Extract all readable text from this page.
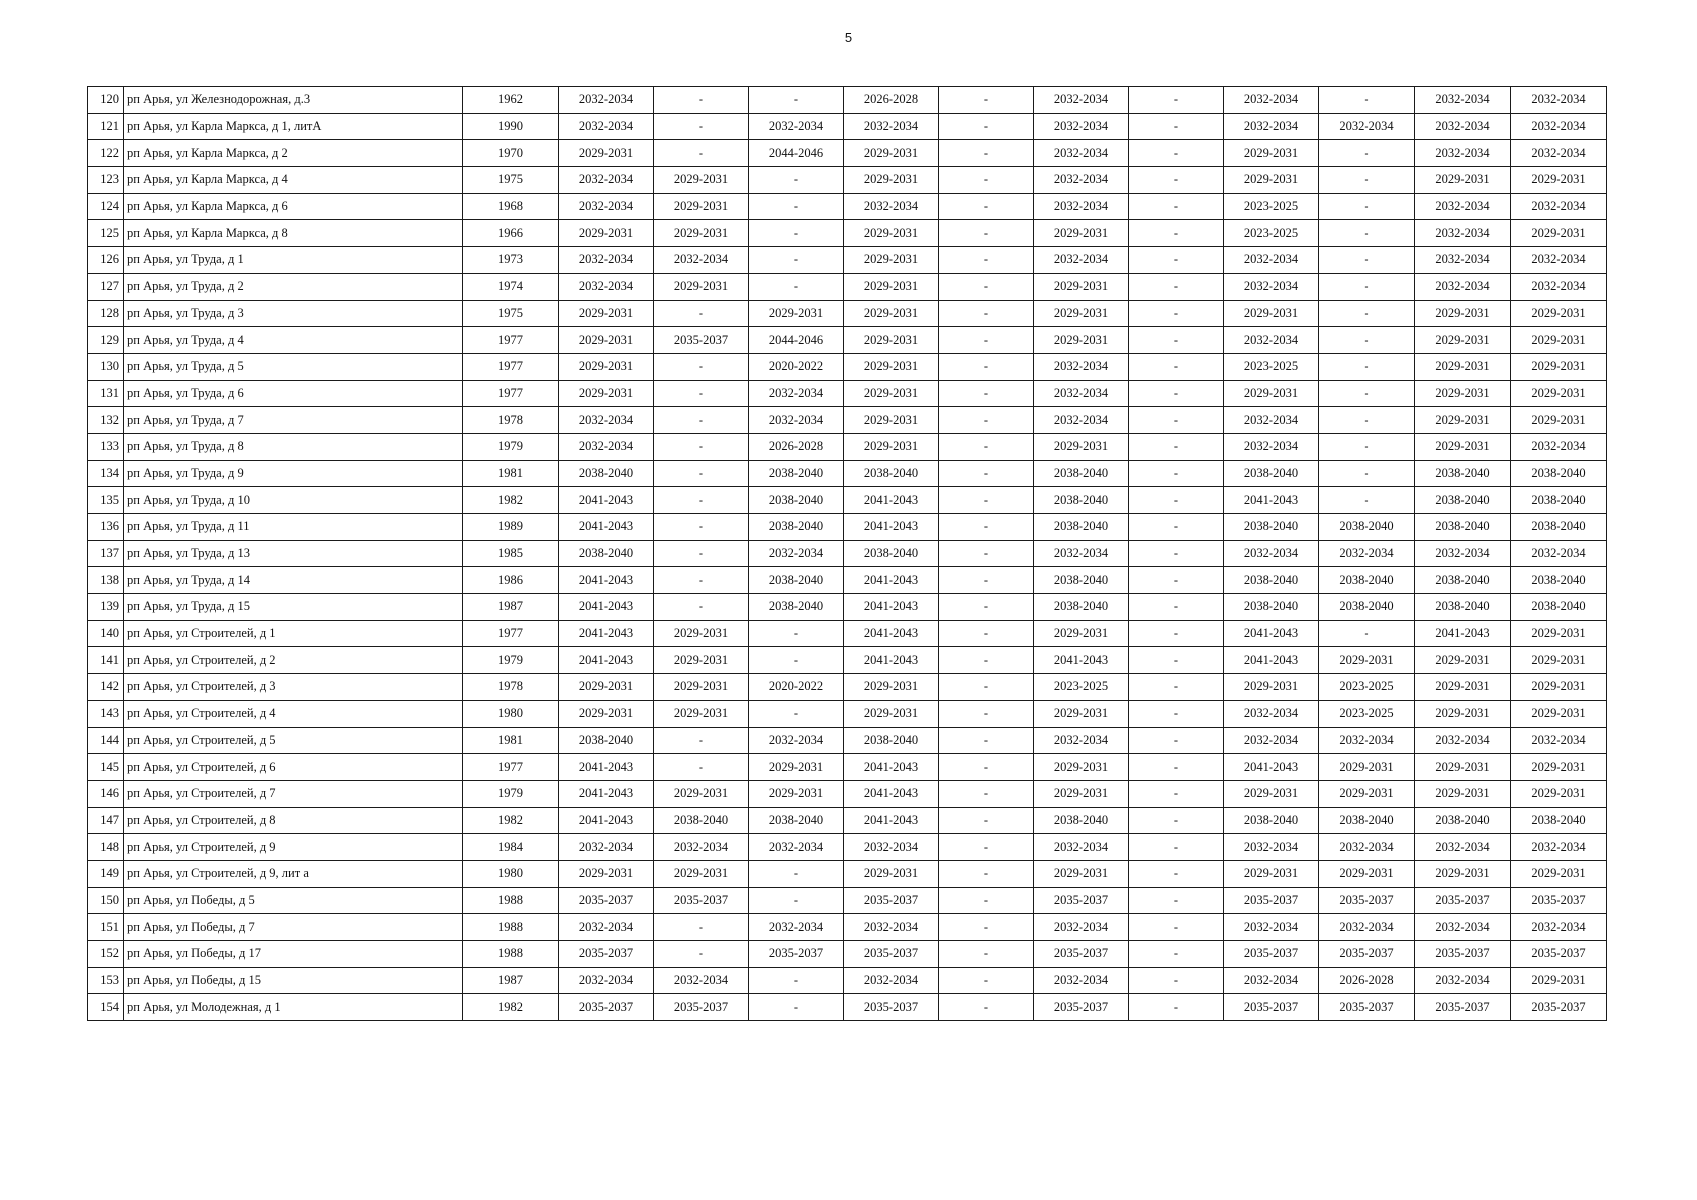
5
120	рп Арья, ул Железнодорожная, д.3	1962	2032-2034	-	-	2026-2028	-	2032-2034	-	2032-2034	-	2032-2034	2032-2034
121	рп Арья, ул Карла Маркса, д 1, литА	1990	2032-2034	-	2032-2034	2032-2034	-	2032-2034	-	2032-2034	2032-2034	2032-2034	2032-2034
122	рп Арья, ул Карла Маркса, д 2	1970	2029-2031	-	2044-2046	2029-2031	-	2032-2034	-	2029-2031	-	2032-2034	2032-2034
123	рп Арья, ул Карла Маркса, д 4	1975	2032-2034	2029-2031	-	2029-2031	-	2032-2034	-	2029-2031	-	2029-2031	2029-2031
124	рп Арья, ул Карла Маркса, д 6	1968	2032-2034	2029-2031	-	2032-2034	-	2032-2034	-	2023-2025	-	2032-2034	2032-2034
125	рп Арья, ул Карла Маркса, д 8	1966	2029-2031	2029-2031	-	2029-2031	-	2029-2031	-	2023-2025	-	2032-2034	2029-2031
126	рп Арья, ул Труда, д 1	1973	2032-2034	2032-2034	-	2029-2031	-	2032-2034	-	2032-2034	-	2032-2034	2032-2034
127	рп Арья, ул Труда, д 2	1974	2032-2034	2029-2031	-	2029-2031	-	2029-2031	-	2032-2034	-	2032-2034	2032-2034
128	рп Арья, ул Труда, д 3	1975	2029-2031	-	2029-2031	2029-2031	-	2029-2031	-	2029-2031	-	2029-2031	2029-2031
129	рп Арья, ул Труда, д 4	1977	2029-2031	2035-2037	2044-2046	2029-2031	-	2029-2031	-	2032-2034	-	2029-2031	2029-2031
130	рп Арья, ул Труда, д 5	1977	2029-2031	-	2020-2022	2029-2031	-	2032-2034	-	2023-2025	-	2029-2031	2029-2031
131	рп Арья, ул Труда, д 6	1977	2029-2031	-	2032-2034	2029-2031	-	2032-2034	-	2029-2031	-	2029-2031	2029-2031
132	рп Арья, ул Труда, д 7	1978	2032-2034	-	2032-2034	2029-2031	-	2032-2034	-	2032-2034	-	2029-2031	2029-2031
133	рп Арья, ул Труда, д 8	1979	2032-2034	-	2026-2028	2029-2031	-	2029-2031	-	2032-2034	-	2029-2031	2032-2034
134	рп Арья, ул Труда, д 9	1981	2038-2040	-	2038-2040	2038-2040	-	2038-2040	-	2038-2040	-	2038-2040	2038-2040
135	рп Арья, ул Труда, д 10	1982	2041-2043	-	2038-2040	2041-2043	-	2038-2040	-	2041-2043	-	2038-2040	2038-2040
136	рп Арья, ул Труда, д 11	1989	2041-2043	-	2038-2040	2041-2043	-	2038-2040	-	2038-2040	2038-2040	2038-2040	2038-2040
137	рп Арья, ул Труда, д 13	1985	2038-2040	-	2032-2034	2038-2040	-	2032-2034	-	2032-2034	2032-2034	2032-2034	2032-2034
138	рп Арья, ул Труда, д 14	1986	2041-2043	-	2038-2040	2041-2043	-	2038-2040	-	2038-2040	2038-2040	2038-2040	2038-2040
139	рп Арья, ул Труда, д 15	1987	2041-2043	-	2038-2040	2041-2043	-	2038-2040	-	2038-2040	2038-2040	2038-2040	2038-2040
140	рп Арья, ул Строителей, д 1	1977	2041-2043	2029-2031	-	2041-2043	-	2029-2031	-	2041-2043	-	2041-2043	2029-2031
141	рп Арья, ул Строителей, д 2	1979	2041-2043	2029-2031	-	2041-2043	-	2041-2043	-	2041-2043	2029-2031	2029-2031	2029-2031
142	рп Арья, ул Строителей, д 3	1978	2029-2031	2029-2031	2020-2022	2029-2031	-	2023-2025	-	2029-2031	2023-2025	2029-2031	2029-2031
143	рп Арья, ул Строителей, д 4	1980	2029-2031	2029-2031	-	2029-2031	-	2029-2031	-	2032-2034	2023-2025	2029-2031	2029-2031
144	рп Арья, ул Строителей, д 5	1981	2038-2040	-	2032-2034	2038-2040	-	2032-2034	-	2032-2034	2032-2034	2032-2034	2032-2034
145	рп Арья, ул Строителей, д 6	1977	2041-2043	-	2029-2031	2041-2043	-	2029-2031	-	2041-2043	2029-2031	2029-2031	2029-2031
146	рп Арья, ул Строителей, д 7	1979	2041-2043	2029-2031	2029-2031	2041-2043	-	2029-2031	-	2029-2031	2029-2031	2029-2031	2029-2031
147	рп Арья, ул Строителей, д 8	1982	2041-2043	2038-2040	2038-2040	2041-2043	-	2038-2040	-	2038-2040	2038-2040	2038-2040	2038-2040
148	рп Арья, ул Строителей, д 9	1984	2032-2034	2032-2034	2032-2034	2032-2034	-	2032-2034	-	2032-2034	2032-2034	2032-2034	2032-2034
149	рп Арья, ул Строителей, д 9, лит а	1980	2029-2031	2029-2031	-	2029-2031	-	2029-2031	-	2029-2031	2029-2031	2029-2031	2029-2031
150	рп Арья, ул Победы, д 5	1988	2035-2037	2035-2037	-	2035-2037	-	2035-2037	-	2035-2037	2035-2037	2035-2037	2035-2037
151	рп Арья, ул Победы, д 7	1988	2032-2034	-	2032-2034	2032-2034	-	2032-2034	-	2032-2034	2032-2034	2032-2034	2032-2034
152	рп Арья, ул Победы, д 17	1988	2035-2037	-	2035-2037	2035-2037	-	2035-2037	-	2035-2037	2035-2037	2035-2037	2035-2037
153	рп Арья, ул Победы, д 15	1987	2032-2034	2032-2034	-	2032-2034	-	2032-2034	-	2032-2034	2026-2028	2032-2034	2029-2031
154	рп Арья, ул Молодежная, д 1	1982	2035-2037	2035-2037	-	2035-2037	-	2035-2037	-	2035-2037	2035-2037	2035-2037	2035-2037
